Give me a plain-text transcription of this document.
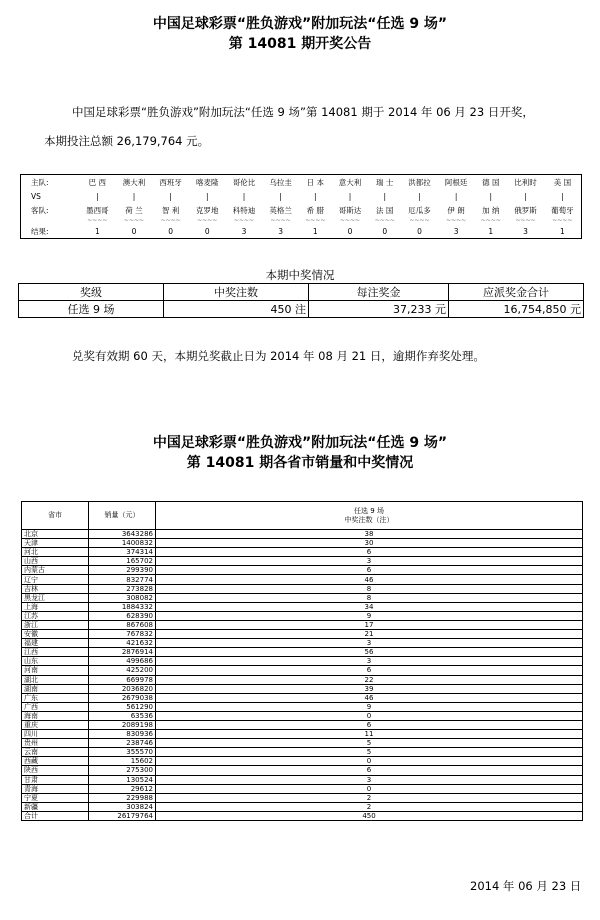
中国足球彩票“胜负游戏”附加玩法“任选 9 场”
第 14081 期开奖公告
中国足球彩票“胜负游戏”附加玩法“任选 9 场”第 14081 期于 2014 年 06 月 23 日开奖，
本期投注总额 26,179,764 元。
主队:	巴 西	澳大利	西班牙	喀麦隆	哥伦比	乌拉圭	日 本	意大利	瑞 士	洪都拉	阿根廷	德 国	比利时	美 国
VS	|	|	|	|	|	|	|	|	|	|	|	|	|	|
客队:	墨西哥	荷 兰	智 利	克罗地	科特迪	英格兰	希 腊	哥斯达	法 国	厄瓜多	伊 朗	加 纳	俄罗斯	葡萄牙
	~~~~	~~~~	~~~~	~~~~	~~~~	~~~~	~~~~	~~~~	~~~~	~~~~	~~~~	~~~~	~~~~	~~~~
结果:	1	0	0	0	3	3	1	0	0	0	3	1	3	1
本期中奖情况
奖级	中奖注数	每注奖金	应派奖金合计
任选 9 场	450 注	37,233 元	16,754,850 元
兑奖有效期 60 天，本期兑奖截止日为 2014 年 08 月 21 日，逾期作弃奖处理。
中国足球彩票“胜负游戏”附加玩法“任选 9 场”
第 14081 期各省市销量和中奖情况
省市	销量（元）	任选 9 场
中奖注数（注）
北京	3643286	38
天津	1400832	30
河北	374314	6
山西	165702	3
内蒙古	299390	6
辽宁	832774	46
吉林	273828	8
黑龙江	308082	8
上海	1884332	34
江苏	628390	9
浙江	867608	17
安徽	767832	21
福建	421632	3
江西	2876914	56
山东	499686	3
河南	425200	6
湖北	669978	22
湖南	2036820	39
广东	2679038	46
广西	561290	9
海南	63536	0
重庆	2089198	6
四川	830936	11
贵州	238746	5
云南	355570	5
西藏	15602	0
陕西	275300	6
甘肃	130524	3
青海	29612	0
宁夏	229988	2
新疆	303824	2
合计	26179764	450
2014 年 06 月 23 日
